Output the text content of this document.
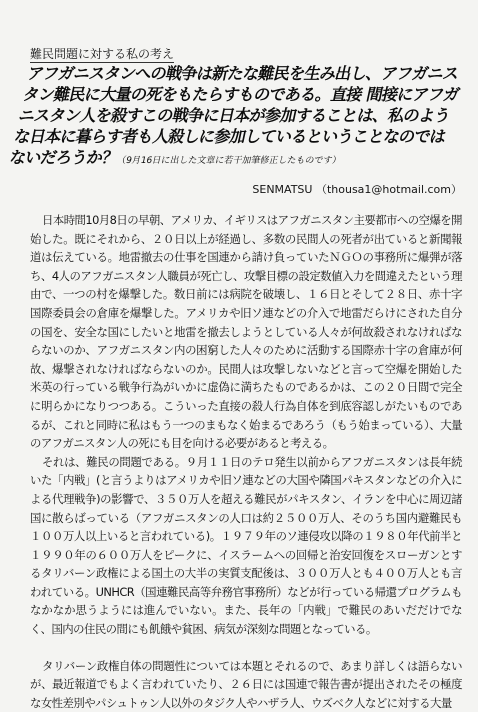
難民問題に対する私の考え
アフガニスタンへの戦争は新たな難民を生み出し、アフガニスタン難民に大量の死をもたらすものである。直接 間接にアフガニスタン人を殺すこの戦争に日本が参加することは、私のような日本に暮らす者も人殺しに参加しているということなのではないだろうか？（9月16日に出した文章に若干加筆修正したものです）
SENMATSU （thousa1@hotmail.com）

日本時間10月8日の早朝、アメリカ、イギリスはアフガニスタン主要都市への空爆を開始した。既にそれから、２０日以上が経過し、多数の民間人の死者が出ていると新聞報道は伝えている。地雷撤去の仕事を国連から請け負っていたＮＧＯの事務所に爆弾が落ち、4人のアフガニスタン人職員が死亡し、攻撃目標の設定数値入力を間違えたという理由で、一つの村を爆撃した。数日前には病院を破壊し、１６日とそして２８日、赤十字国際委員会の倉庫を爆撃した。アメリカや旧ソ連などの介入で地雷だらけにされた自分の国を、安全な国にしたいと地雷を撤去しようとしている人々が何故殺されなければならないのか、アフガニスタン内の困窮した人々のために活動する国際赤十字の倉庫が何故、爆撃されなければならないのか。民間人は攻撃しないなどと言って空爆を開始した米英の行っている戦争行為がいかに虚偽に満ちたものであるかは、この２０日間で完全に明らかになりつつある。こういった直接の殺人行為自体を到底容認しがたいものであるが、これと同時に私はもう一つのまもなく始まるであろう（もう始まっている）、大量のアフガニスタン人の死にも目を向ける必要があると考える。

それは、難民の問題である。９月１１日のテロ発生以前からアフガニスタンは長年続いた「内戦」(と言うよりはアメリカや旧ソ連などの大国や隣国パキスタンなどの介入による代理戦争)の影響で、３５０万人を超える難民がパキスタン、イランを中心に周辺諸国に散らばっている（アフガニスタンの人口は約２５００万人、そのうち国内避難民も１００万人以上いると言われている)。１９７９年のソ連侵攻以降の１９８０年代前半と１９９０年の６００万人をピークに、イスラームへの回帰と治安回復をスローガンとするタリバーン政権による国土の大半の実質支配後は、３００万人とも４００万人とも言われている。UNHCR（国連難民高等弁務官事務所）などが行っている帰還プログラムもなかなか思うようには進んでいない。また、長年の「内戦」で難民のあいだだけでなく、国内の住民の間にも飢餓や貧困、病気が深刻な問題となっている。

タリバーン政権自体の問題性については本題とそれるので、あまり詳しくは語らないが、最近報道でもよく言われていたり、２６日には国連で報告書が提出されたその極度な女性差別やパシュトゥン人以外のタジク人やハザラ人、ウズベク人などに対する大量
